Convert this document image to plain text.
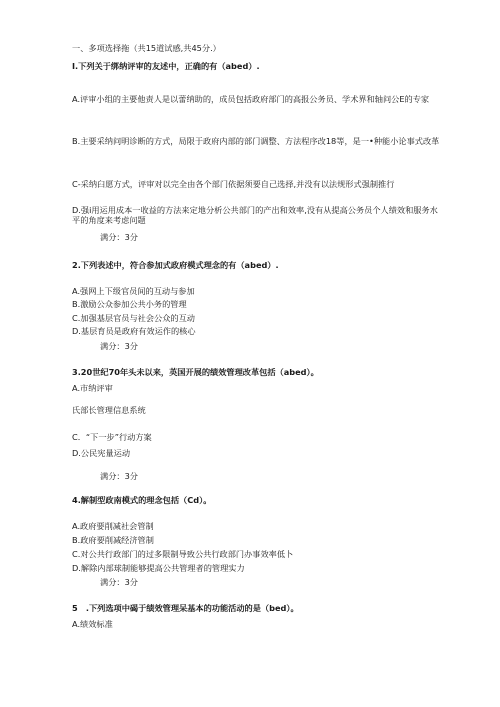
一、多项选择拖（共15道试感,共45分.）
I.下列关于绑纳评审的友述中，正确的有（abed）.
A.评审小组的主要他责人是以蕾纳助的，成员包括政府部门的高报公务员、学术界和轴问公E的专家
B.主要采纳问明诊断的方式，局限于政府内部的部门调整、方法程序改18等，是一•种能小论事式改革
C-采纳臼愿方式，评审对以完全由各个部门依据须要自己选择,并没有以法规形式强制推行
D.强i用运用成本一收益的方法来定地分析公共部门的产出和效率,没有从提高公务员个人绩效和服务水平的角度来考虑问题
满分：3分
2.下列表述中，符合参加式政府模式理念的有（abed）.
A.强网上下级官员间的互动与参加
B.激励公众参加公共小务的管理
C.加强基层官员与社会公众的互动
D.基层育员是政府有效运作的核心
满分：3分
3.20世纪70年头未以来，英国开展的绩效管理改革包括（abed）。
A.市纳评审
氏部长管理信息系统
C．“下一步”行动方案
D.公民宪量运动
满分：3分
4.解制型政南模式的理念包括（Cd）。
A.政府要削减社会管制
B.政府要削减经济管制
C.对公共行政部门的过多限制导致公共行政部门办事效率低卜
D.解除内部球制能够提高公共管理者的管理实力
满分：3分
5　.下列选项中碣于绩效管理呆基本的功能活动的是（bed）。
A.绩效标准
